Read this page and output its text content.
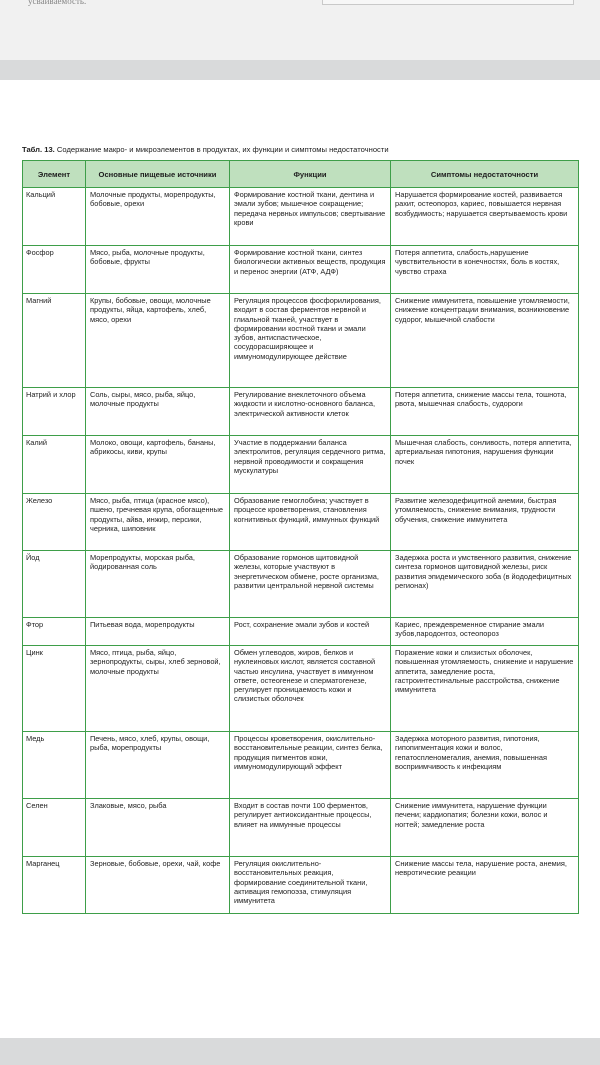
усваиваемость.
Табл. 13. Содержание макро- и микроэлементов в продуктах, их функции и симптомы недостаточности
Элемент	Основные пищевые источники	Функции	Симптомы недостаточности
Кальций	Молочные продукты, морепродукты, бобовые, орехи	Формирование костной ткани, дентина и эмали зубов; мышечное сокращение; передача нервных импульсов; свертывание крови	Нарушается формирование костей, развивается рахит, остеопороз, кариес, повышается нервная возбудимость; нарушается свертываемость крови
Фосфор	Мясо, рыба, молочные продукты, бобовые, фрукты	Формирование костной ткани, синтез биологически активных веществ, продукция и перенос энергии (АТФ, АДФ)	Потеря аппетита, слабость,нарушение чувствительности в конечностях, боль в костях, чувство страха
Магний	Крупы, бобовые, овощи, молочные продукты, яйца, картофель, хлеб, мясо, орехи	Регуляция процессов фосфорилирования, входит в состав ферментов нервной и глиальной тканей, участвует в формировании костной ткани и эмали зубов, антиспастическое, сосудорасширяющее и иммуномодулирующее действие	Снижение иммунитета, повышение утомляемости, снижение концентрации внимания, возникновение судорог, мышечной слабости
Натрий и хлор	Соль, сыры, мясо, рыба, яйцо, молочные продукты	Регулирование внеклеточного объема жидкости и кислотно-основного баланса, электрической активности клеток	Потеря аппетита, снижение массы тела, тошнота, рвота, мышечная слабость, судороги
Калий	Молоко, овощи, картофель, бананы, абрикосы, киви, крупы	Участие в поддержании баланса электролитов, регуляция сердечного ритма, нервной проводимости и сокращения мускулатуры	Мышечная слабость, сонливость, потеря аппетита, артериальная гипотония, нарушения функции почек
Железо	Мясо, рыба, птица (красное мясо), пшено, гречневая крупа, обогащенные продукты, айва, инжир, персики, черника, шиповник	Образование гемоглобина; участвует в процессе кроветворения, становления когнитивных функций, иммунных функций	Развитие железодефицитной анемии, быстрая утомляемость, снижение внимания, трудности обучения, снижение иммунитета
Йод	Морепродукты, морская рыба, йодированная соль	Образование гормонов щитовидной железы, которые участвуют в энергетическом обмене, росте организма, развитии центральной нервной системы	Задержка роста и умственного развития, снижение синтеза гормонов щитовидной железы, риск развития эпидемического зоба (в йододефицитных регионах)
Фтор	Питьевая вода, морепродукты	Рост, сохранение эмали зубов и костей	Кариес, преждевременное стирание эмали зубов,пародонтоз, остеопороз
Цинк	Мясо, птица, рыба, яйцо, зернопродукты, сыры, хлеб зерновой, молочные продукты	Обмен углеводов, жиров, белков и нуклеиновых кислот, является составной частью инсулина, участвует в иммунном ответе, остеогенезе и сперматогенезе, регулирует проницаемость кожи и слизистых оболочек	Поражение кожи и слизистых оболочек, повышенная утомляемость, снижение и нарушение аппетита, замедление роста, гастроинтестинальные расстройства, снижение иммунитета
Медь	Печень, мясо, хлеб, крупы, овощи, рыба, морепродукты	Процессы кроветворения, окислительно-восстановительные реакции, синтез белка, продукция пигментов кожи, иммуномодулирующий эффект	Задержка моторного развития, гипотония, гипопигментация кожи и волос, гепатоспленомегалия, анемия, повышенная восприимчивость к инфекциям
Селен	Злаковые, мясо, рыба	Входит в состав почти 100 ферментов, регулирует антиоксидантные процессы, влияет на иммунные процессы	Снижение иммунитета, нарушение функции печени; кардиопатия; болезни кожи, волос и ногтей; замедление роста
Марганец	Зерновые, бобовые, орехи, чай, кофе	Регуляция окислительно-восстановительных реакция, формирование соединительной ткани, активация гемопоэза, стимуляция иммунитета	Снижение массы тела, нарушение роста, анемия, невротические реакции
